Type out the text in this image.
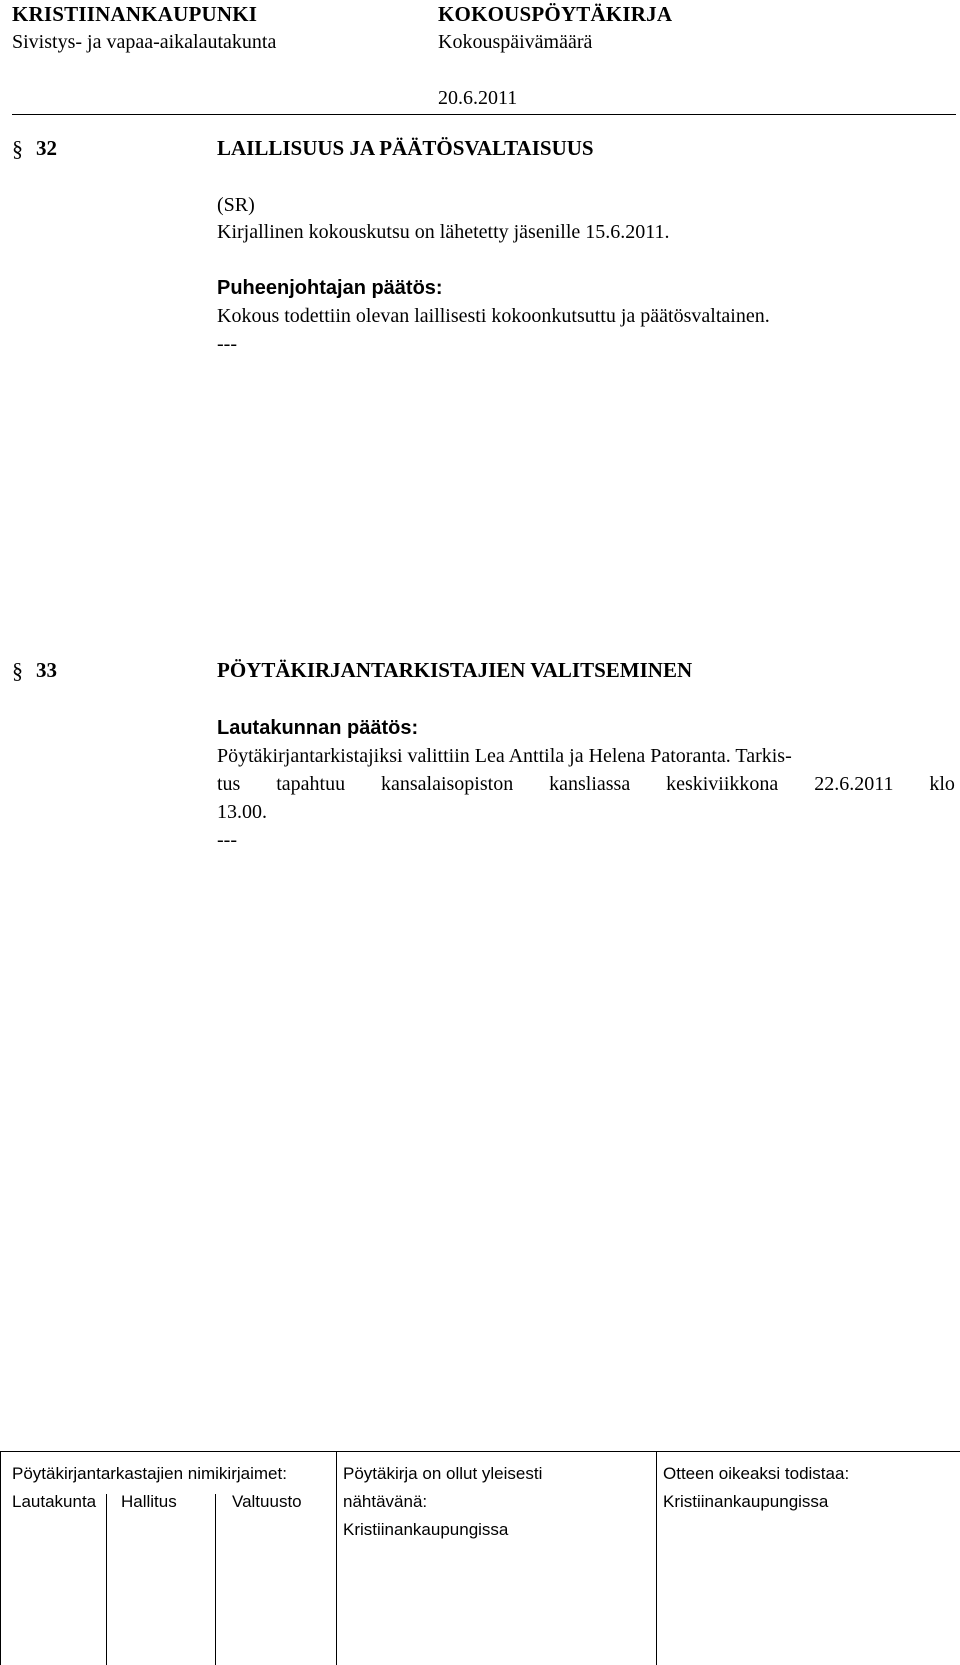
KRISTIINANKAUPUNKI
Sivistys- ja vapaa-aikalautakunta
KOKOUSPÖYTÄKIRJA
Kokouspäivämäärä
20.6.2011
§ 32	LAILLISUUS JA PÄÄTÖSVALTAISUUS
(SR)
Kirjallinen kokouskutsu on lähetetty jäsenille 15.6.2011.
Puheenjohtajan päätös:
Kokous todettiin olevan laillisesti kokoonkutsuttu ja päätösvaltainen.
---
§ 33	PÖYTÄKIRJANTARKISTAJIEN VALITSEMINEN
Lautakunnan päätös:
Pöytäkirjantarkistajiksi valittiin Lea Anttila ja Helena Patoranta. Tarkis-
tus tapahtuu kansalaisopiston kansliassa keskiviikkona 22.6.2011 klo
13.00.
---
Pöytäkirjantarkastajien nimikirjaimet:
Lautakunta Hallitus	Valtuusto
Pöytäkirja on ollut yleisesti
nähtävänä:
Kristiinankaupungissa
Otteen oikeaksi todistaa:
Kristiinankaupungissa
